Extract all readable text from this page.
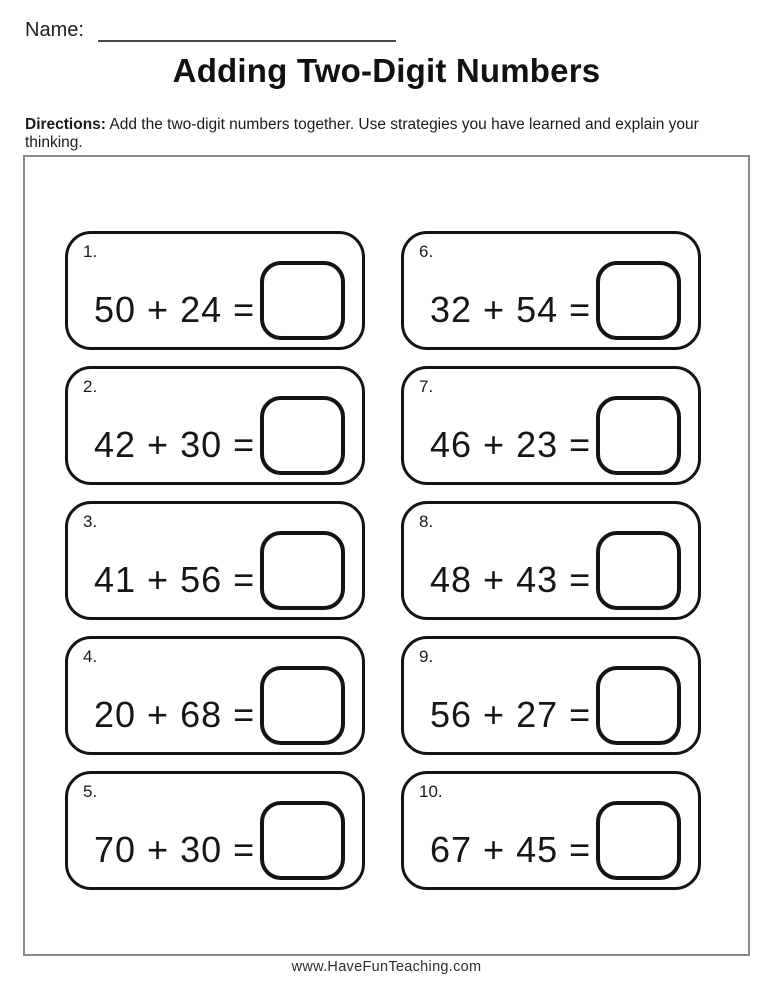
Name:
Adding Two-Digit Numbers
Directions: Add the two-digit numbers together. Use strategies you have learned and explain your thinking.
1.
50 + 24 =
2.
42 + 30 =
3.
41 + 56 =
4.
20 + 68 =
5.
70 + 30 =
6.
32 + 54 =
7.
46 + 23 =
8.
48 + 43 =
9.
56 + 27 =
10.
67 + 45 =
www.HaveFunTeaching.com
